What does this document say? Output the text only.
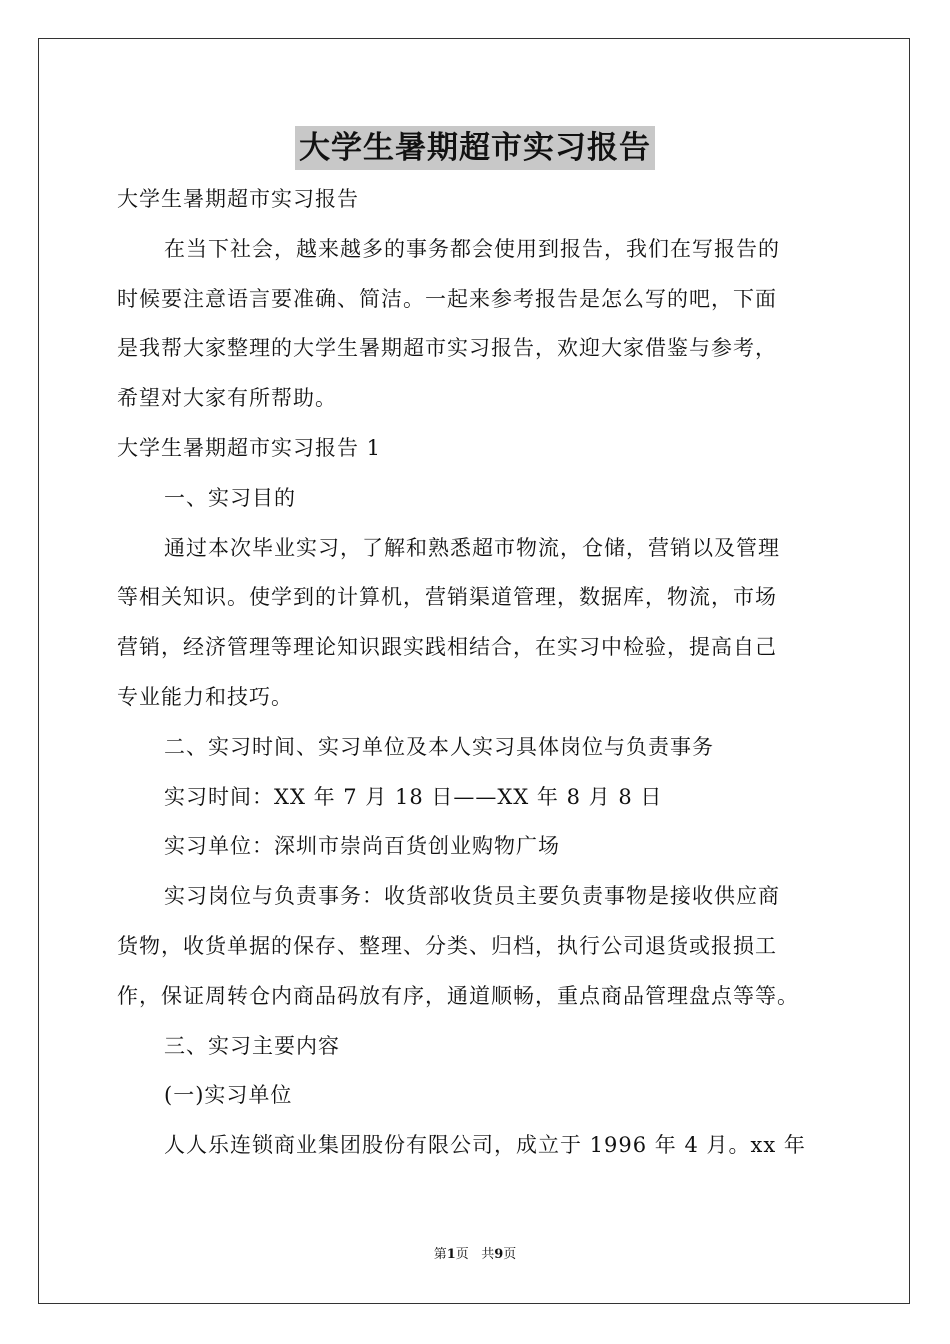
大学生暑期超市实习报告
大学生暑期超市实习报告
在当下社会，越来越多的事务都会使用到报告，我们在写报告的
时候要注意语言要准确、简洁。一起来参考报告是怎么写的吧，下面
是我帮大家整理的大学生暑期超市实习报告，欢迎大家借鉴与参考，
希望对大家有所帮助。
大学生暑期超市实习报告 1
一、实习目的
通过本次毕业实习，了解和熟悉超市物流，仓储，营销以及管理
等相关知识。使学到的计算机，营销渠道管理，数据库，物流，市场
营销，经济管理等理论知识跟实践相结合，在实习中检验，提高自己
专业能力和技巧。
二、实习时间、实习单位及本人实习具体岗位与负责事务
实习时间：XX 年 7 月 18 日——XX 年 8 月 8 日
实习单位：深圳市崇尚百货创业购物广场
实习岗位与负责事务：收货部收货员主要负责事物是接收供应商
货物，收货单据的保存、整理、分类、归档，执行公司退货或报损工
作，保证周转仓内商品码放有序，通道顺畅，重点商品管理盘点等等。
三、实习主要内容
(一)实习单位
人人乐连锁商业集团股份有限公司，成立于 1996 年 4 月。xx 年
第1页 共9页
